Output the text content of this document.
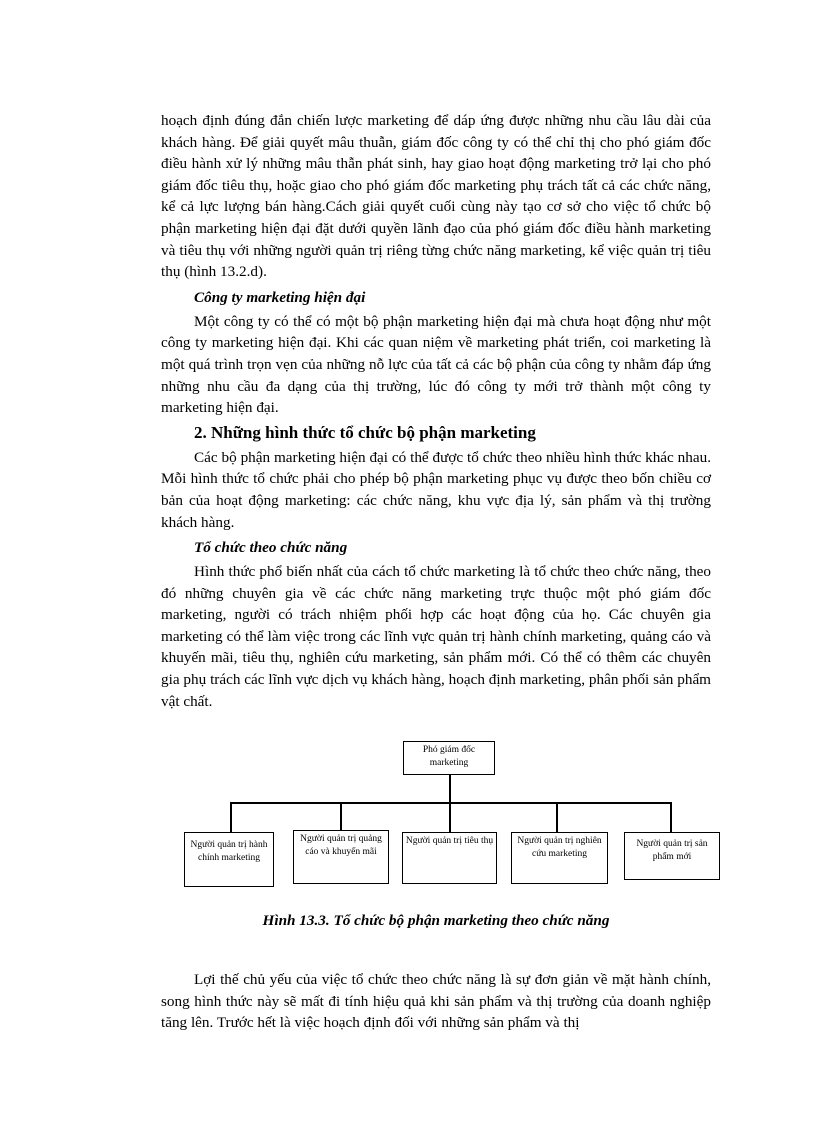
hoạch định đúng đắn chiến lược marketing để dáp ứng được những nhu cầu lâu dài của khách hàng. Để giải quyết mâu thuẫn, giám đốc công ty có thể chỉ thị cho phó giám đốc điều hành xử lý những mâu thẫn phát sinh, hay giao hoạt động marketing trở lại cho phó giám đốc tiêu thụ, hoặc giao cho phó giám đốc marketing phụ trách tất cả các chức năng, kể cả lực lượng bán hàng.Cách giải quyết cuối cùng này tạo cơ sở cho việc tổ chức bộ phận marketing hiện đại đặt dưới quyền lãnh đạo của phó giám đốc điều hành marketing và tiêu thụ với những người quản trị riêng từng chức năng marketing, kể việc quản trị tiêu thụ (hình 13.2.d).

Công ty marketing hiện đại

Một công ty có thể có một bộ phận marketing hiện đại mà chưa hoạt động như một công ty marketing hiện đại. Khi các quan niệm về marketing phát triển, coi marketing là một quá trình trọn vẹn của những nỗ lực của tất cả các bộ phận của công ty nhằm đáp ứng những nhu cầu đa dạng của thị trường, lúc đó công ty mới trở thành một công ty marketing hiện đại.

2. Những hình thức tổ chức bộ phận marketing

Các bộ phận marketing hiện đại có thể được tổ chức theo nhiều hình thức khác nhau. Mỗi hình thức tổ chức phải cho phép bộ phận marketing phục vụ được theo bốn chiều cơ bản của hoạt động marketing: các chức năng, khu vực địa lý, sản phẩm và thị trường khách hàng.

Tổ chức theo chức năng

Hình thức phổ biến nhất của cách tổ chức marketing là tổ chức theo chức năng, theo đó những chuyên gia về các chức năng marketing trực thuộc một phó giám đốc marketing, người có trách nhiệm phối hợp các hoạt động của họ. Các chuyên gia marketing có thể làm việc trong các lĩnh vực quản trị hành chính marketing, quảng cáo và khuyến mãi, tiêu thụ, nghiên cứu marketing, sản phẩm mới. Có thể có thêm các chuyên gia phụ trách các lĩnh vực dịch vụ khách hàng, hoạch định marketing, phân phối sản phẩm vật chất.

Phó giám đốc marketing
Người quản trị hành chính marketing
Người quản trị quảng cáo và khuyến mãi
Người quản trị tiêu thụ	Người quản trị nghiên cứu marketing
Người quản trị sản phẩm mới
Hình 13.3. Tổ chức bộ phận marketing theo chức năng

Lợi thế chủ yếu của việc tổ chức theo chức năng là sự đơn giản về mặt hành chính, song hình thức này sẽ mất đi tính hiệu quả khi sản phẩm và thị trường của doanh nghiệp tăng lên. Trước hết là việc hoạch định đối với những sản phẩm và thị
